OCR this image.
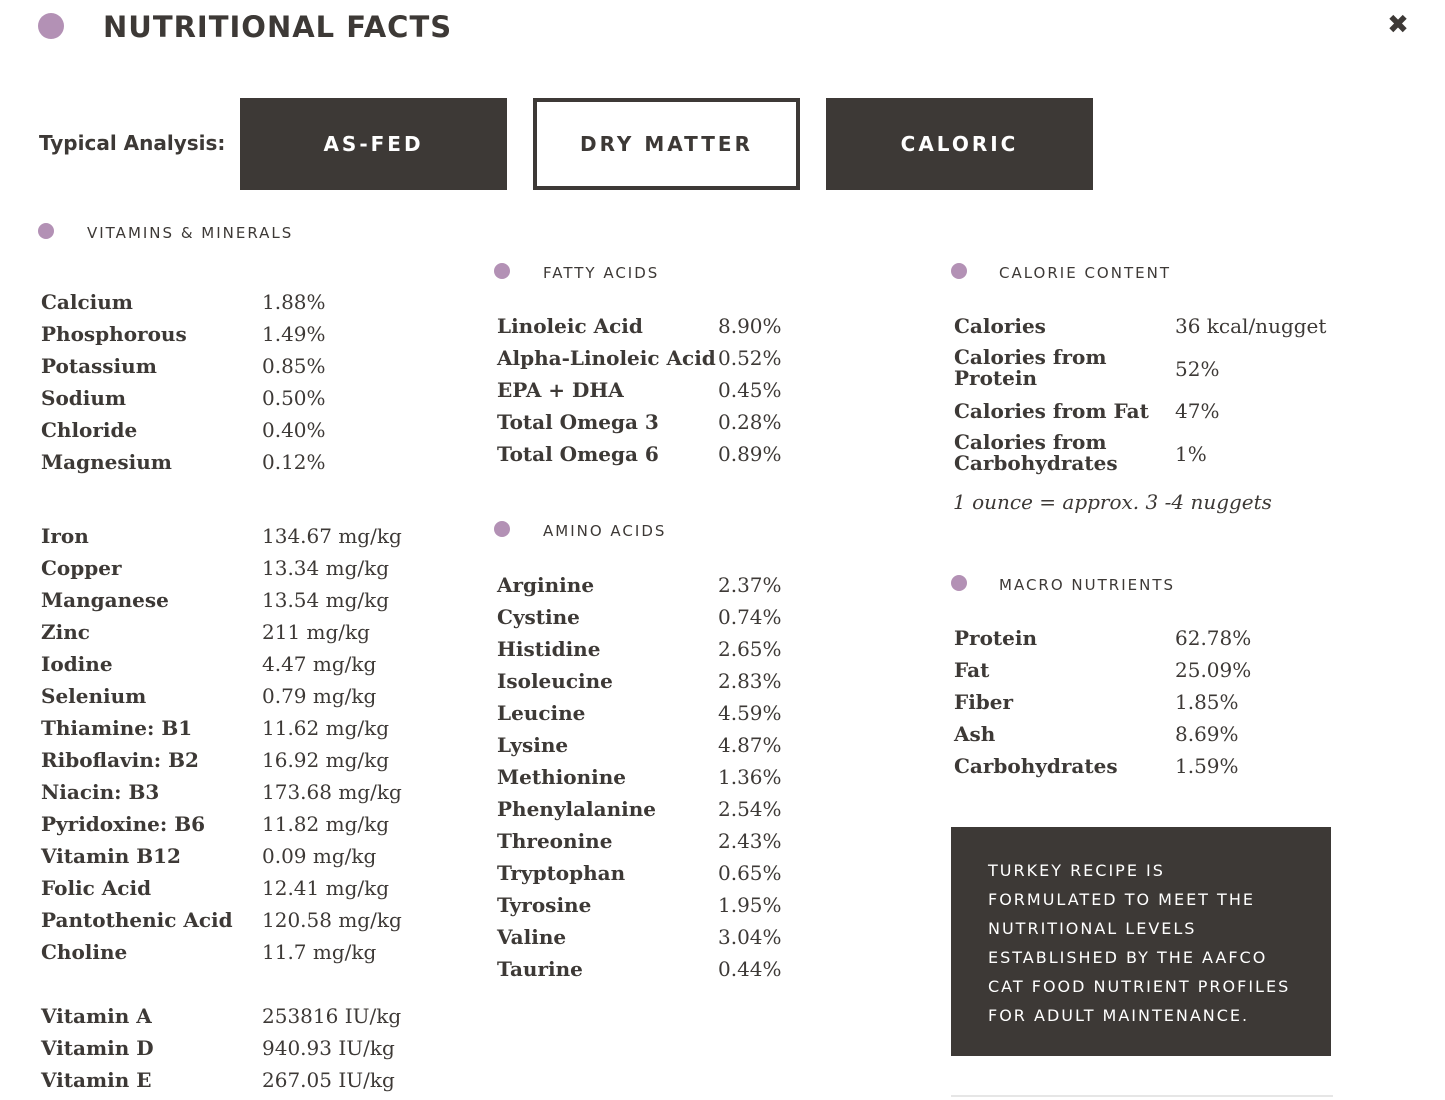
NUTRITIONAL FACTS	✖
Typical Analysis:	AS-FED	DRY MATTER	CALORIC
VITAMINS & MINERALS
FATTY ACIDS
AMINO ACIDS
CALORIE CONTENT
MACRO NUTRIENTS
Calcium	1.88%
Phosphorous	1.49%
Potassium	0.85%
Sodium	0.50%
Chloride	0.40%
Magnesium	0.12%
Iron	134.67 mg/kg
Copper	13.34 mg/kg
Manganese	13.54 mg/kg
Zinc	211 mg/kg
Iodine	4.47 mg/kg
Selenium	0.79 mg/kg
Thiamine: B1	11.62 mg/kg
Riboflavin: B2	16.92 mg/kg
Niacin: B3	173.68 mg/kg
Pyridoxine: B6	11.82 mg/kg
Vitamin B12	0.09 mg/kg
Folic Acid	12.41 mg/kg
Pantothenic Acid 120.58 mg/kg
Choline	11.7 mg/kg
Vitamin A	253816 IU/kg
Vitamin D	940.93 IU/kg
Vitamin E	267.05 IU/kg
Linoleic Acid	8.90%
Alpha-Linoleic Acid 0.52%
EPA + DHA	0.45%
Total Omega 3	0.28%
Total Omega 6	0.89%
Arginine	2.37%
Cystine	0.74%
Histidine	2.65%
Isoleucine	2.83%
Leucine	4.59%
Lysine	4.87%
Methionine	1.36%
Phenylalanine	2.54%
Threonine	2.43%
Tryptophan	0.65%
Tyrosine	1.95%
Valine	3.04%
Taurine	0.44%
Protein	62.78%
Fat	25.09%
Fiber	1.85%
Ash	8.69%
Carbohydrates	1.59%
Calories	36 kcal/nugget
Calories from Protein	52%
Calories from Fat 47%
Calories from Carbohydrates	1%
1 ounce = approx. 3 -4 nuggets
TURKEY RECIPE IS FORMULATED TO MEET THE NUTRITIONAL LEVELS ESTABLISHED BY THE AAFCO CAT FOOD NUTRIENT PROFILES FOR ADULT MAINTENANCE.
